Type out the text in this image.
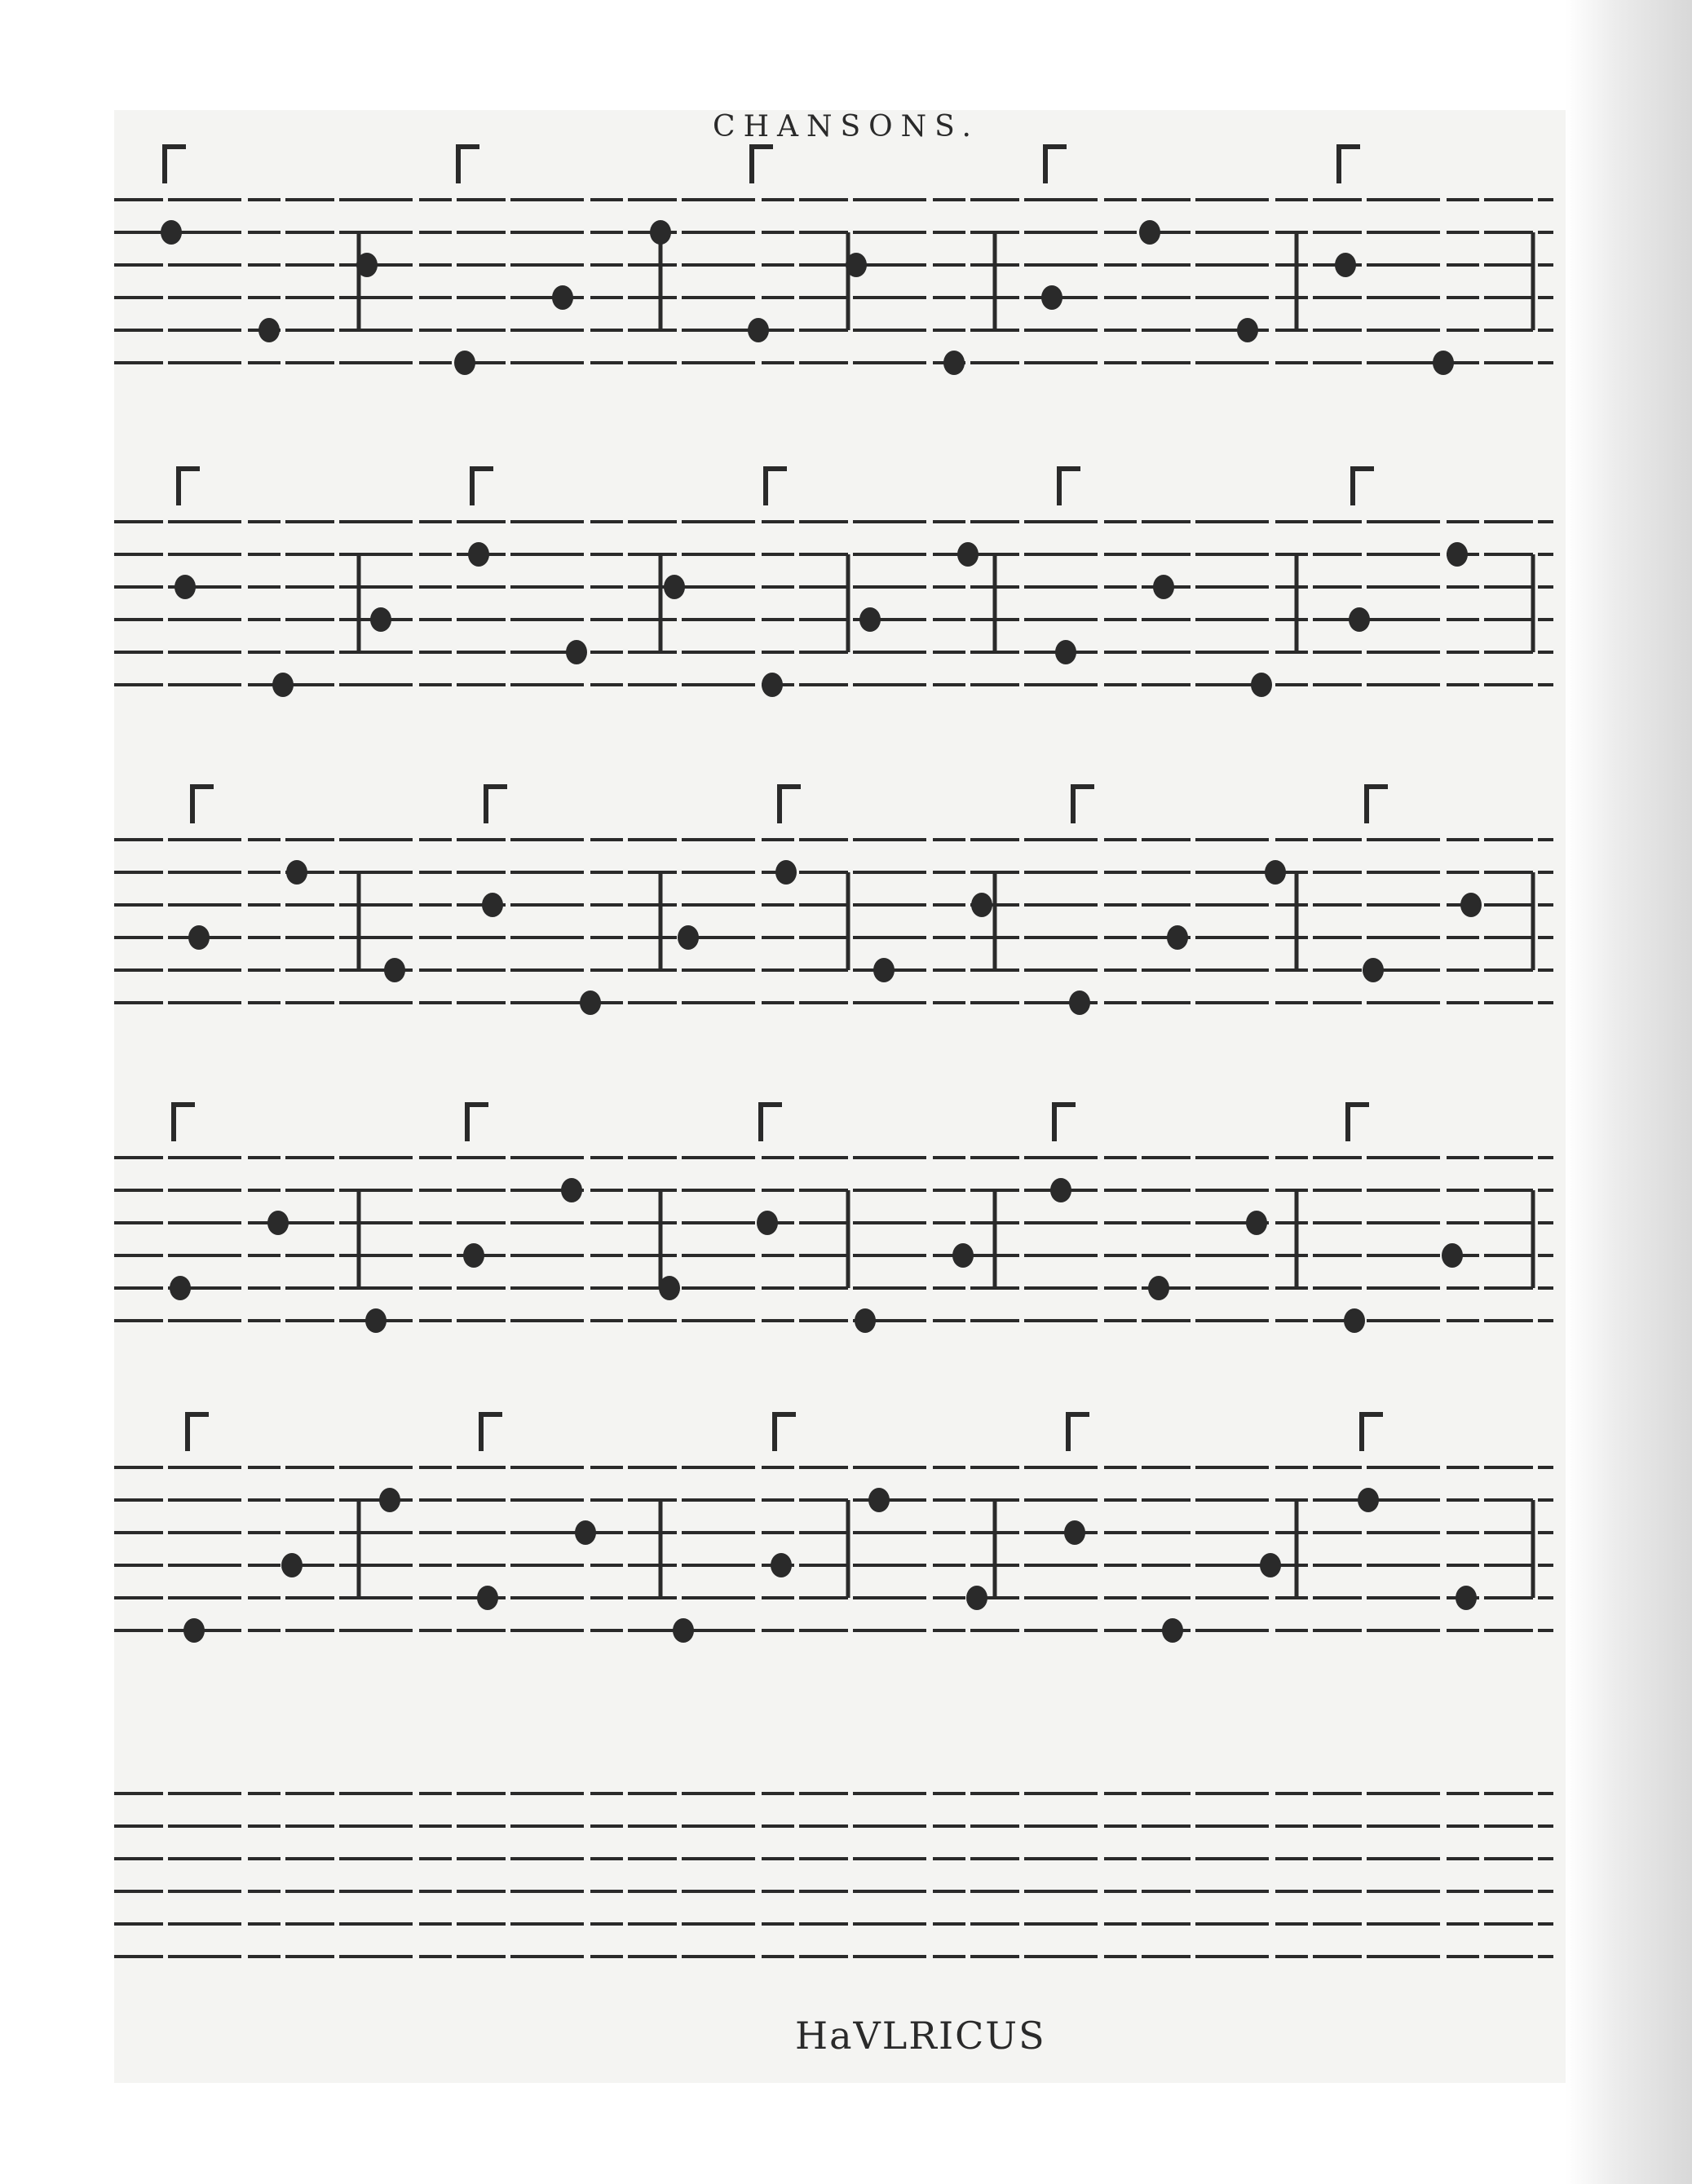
CHANSONS.
HaVLRICUS
